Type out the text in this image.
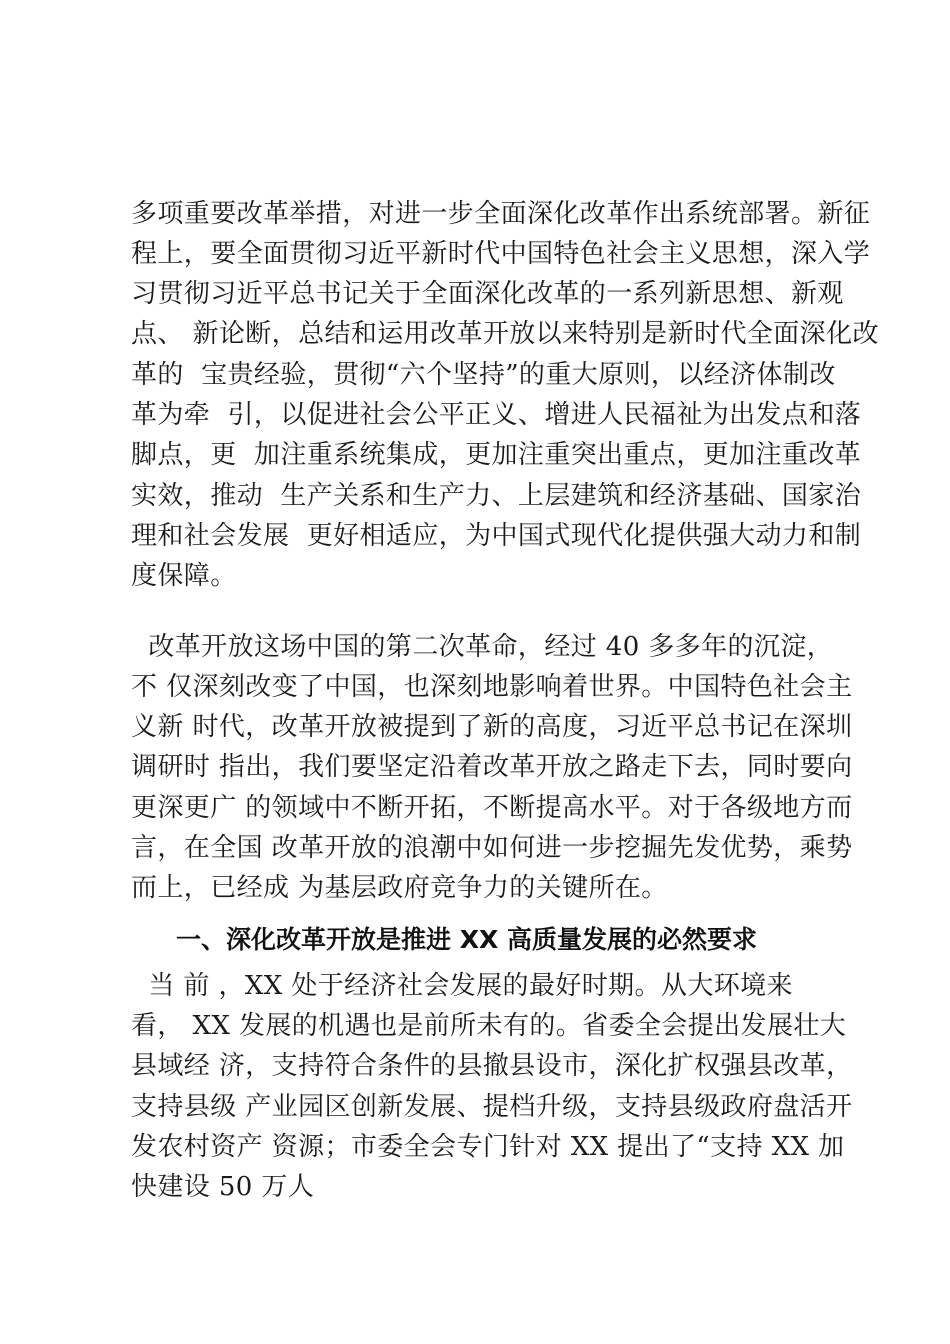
多项重要改革举措，对进一步全面深化改革作出系统部署。新征
程上，要全面贯彻习近平新时代中国特色社会主义思想，深入学
习贯彻习近平总书记关于全面深化改革的一系列新思想、新观
点、 新论断，总结和运用改革开放以来特别是新时代全面深化改
革的  宝贵经验，贯彻“六个坚持”的重大原则，以经济体制改
革为牵  引，以促进社会公平正义、增进人民福祉为出发点和落
脚点，更  加注重系统集成，更加注重突出重点，更加注重改革
实效，推动  生产关系和生产力、上层建筑和经济基础、国家治
理和社会发展  更好相适应，为中国式现代化提供强大动力和制
度保障。
改革开放这场中国的第二次革命，经过 40 多多年的沉淀，
不 仅深刻改变了中国，也深刻地影响着世界。中国特色社会主
义新 时代，改革开放被提到了新的高度，习近平总书记在深圳
调研时 指出，我们要坚定沿着改革开放之路走下去，同时要向
更深更广 的领域中不断开拓，不断提高水平。对于各级地方而
言，在全国 改革开放的浪潮中如何进一步挖掘先发优势，乘势
而上，已经成 为基层政府竞争力的关键所在。
一、深化改革开放是推进 XX 高质量发展的必然要求
当 前 ，XX 处于经济社会发展的最好时期。从大环境来
看， XX 发展的机遇也是前所未有的。省委全会提出发展壮大
县域经 济，支持符合条件的县撤县设市，深化扩权强县改革，
支持县级 产业园区创新发展、提档升级，支持县级政府盘活开
发农村资产 资源；市委全会专门针对 XX 提出了“支持 XX 加
快建设 50 万人
